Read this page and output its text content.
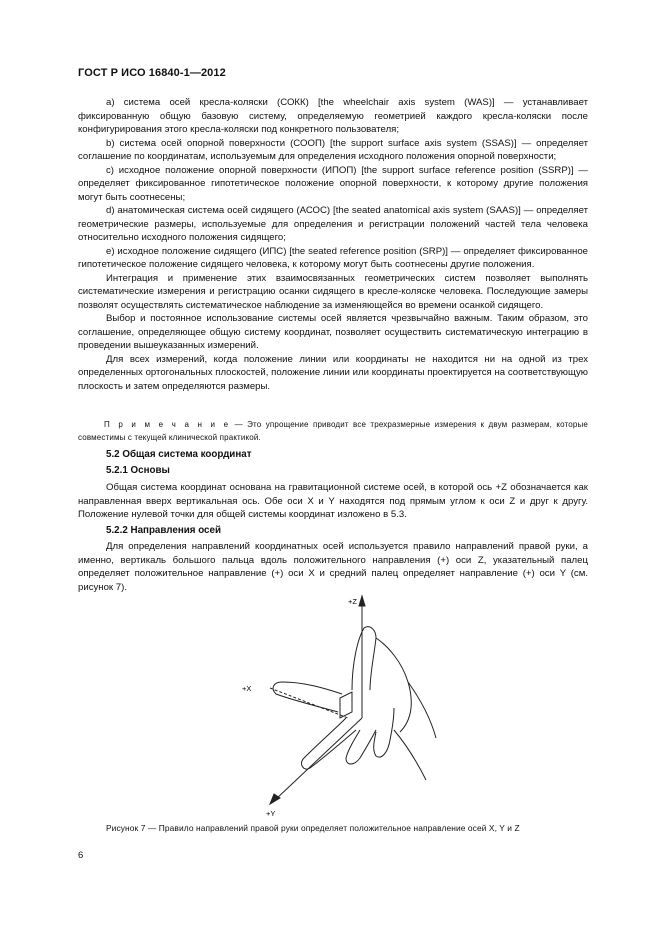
ГОСТ Р ИСО 16840-1—2012

a) система осей кресла-коляски (СОКК) [the wheelchair axis system (WAS)] — устанавливает фиксированную общую базовую систему, определяемую геометрией каждого кресла-коляски после конфигурирования этого кресла-коляски под конкретного пользователя;

b) система осей опорной поверхности (СООП) [the support surface axis system (SSAS)] — определяет соглашение по координатам, используемым для определения исходного положения опорной поверхности;

c) исходное положение опорной поверхности (ИПОП) [the support surface reference position (SSRP)] — определяет фиксированное гипотетическое положение опорной поверхности, к которому другие положения могут быть соотнесены;

d) анатомическая система осей сидящего (АСОС) [the seated anatomical axis system (SAAS)] — определяет геометрические размеры, используемые для определения и регистрации положений частей тела человека относительно исходного положения сидящего;

e) исходное положение сидящего (ИПС) [the seated reference position (SRP)] — определяет фиксированное гипотетическое положение сидящего человека, к которому могут быть соотнесены другие положения.

Интеграция и применение этих взаимосвязанных геометрических систем позволяет выполнять систематические измерения и регистрацию осанки сидящего в кресле-коляске человека. Последующие замеры позволят осуществлять систематическое наблюдение за изменяющейся во времени осанкой сидящего.

Выбор и постоянное использование системы осей является чрезвычайно важным. Таким образом, это соглашение, определяющее общую систему координат, позволяет осуществить систематическую интеграцию в проведении вышеуказанных измерений.

Для всех измерений, когда положение линии или координаты не находится ни на одной из трех определенных ортогональных плоскостей, положение линии или координаты проектируется на соответствующую плоскость и затем определяются размеры.

П р и м е ч а н и е — Это упрощение приводит все трехразмерные измерения к двум размерам, которые совместимы с текущей клинической практикой.
5.2 Общая система координат
5.2.1 Основы

Общая система координат основана на гравитационной системе осей, в которой ось +Z обозначается как направленная вверх вертикальная ось. Обе оси X и Y находятся под прямым углом к оси Z и друг к другу. Положение нулевой точки для общей системы координат изложено в 5.3.

5.2.2 Направления осей

Для определения направлений координатных осей используется правило направлений правой руки, а именно, вертикаль большого пальца вдоль положительного направления (+) оси Z, указательный палец определяет положительное направление (+) оси X и средний палец определяет направление (+) оси Y (см. рисунок 7).

+Z
+X
+Y
Рисунок 7 — Правило направлений правой руки определяет положительное направление осей X, Y и Z
6
